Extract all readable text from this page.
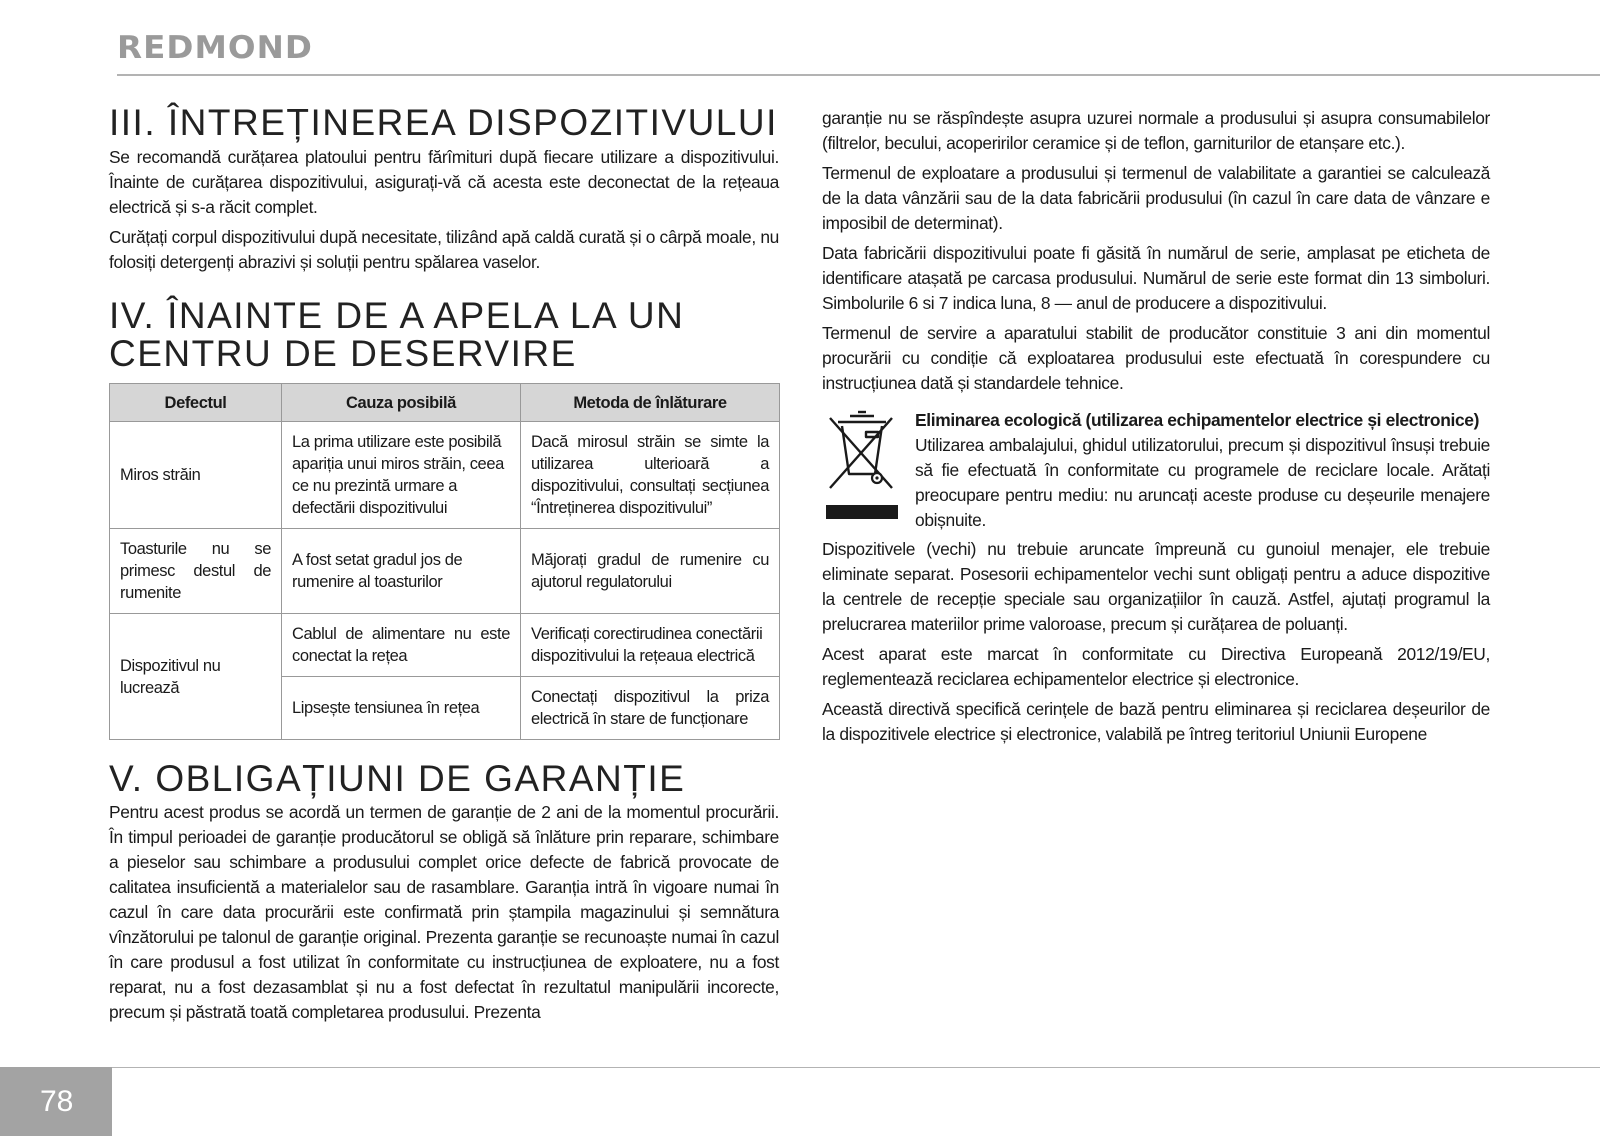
REDMOND
III. ÎNTREȚINEREA DISPOZITIVULUI

Se recomandă curățarea platoului pentru fărîmituri după fiecare utilizare a dispozitivului. Înainte de curățarea dispozitivului, asigurați-vă că acesta este deconectat de la rețeaua electrică și s-a răcit complet.

Curățați corpul dispozitivului după necesitate, tilizând apă caldă curată și o cârpă moale, nu folosiți detergenți abrazivi și soluții pentru spălarea vaselor.

IV. ÎNAINTE DE A APELA LA UN CENTRU DE DESERVIRE
Defectul	Cauza posibilă	Metoda de înlăturare
Miros străin	La prima utilizare este posibilă apariția unui miros străin, ceea ce nu prezintă urmare a defectării dispozitivului	Dacă mirosul străin se simte la utilizarea ulterioară a dispozitivului, consultați secțiunea “Întreținerea dispozitivului”
Toasturile nu se primesc destul de rumenite	A fost setat gradul jos de rumenire al toasturilor	Măjorați gradul de rumenire cu ajutorul regulatorului
Dispozitivul nu lucrează	Cablul de alimentare nu este conectat la rețea	Verificați corectirudinea conectării dispozitivului la rețeaua electrică
	Lipsește tensiunea în rețea	Conectați dispozitivul la priza electrică în stare de funcționare
V. OBLIGAȚIUNI DE GARANȚIE

Pentru acest produs se acordă un termen de garanție de 2 ani de la momentul procurării. În timpul perioadei de garanție producătorul se obligă să înlăture prin reparare, schimbare a pieselor sau schimbare a produsului complet orice defecte de fabrică provocate de calitatea insuficientă a materialelor sau de rasamblare. Garanția intră în vigoare numai în cazul în care data procurării este confirmată prin ștampila magazinului și semnătura vînzătorului pe talonul de garanție original. Prezenta garanție se recunoaște numai în cazul în care produsul a fost utilizat în conformitate cu instrucțiunea de exploatere, nu a fost reparat, nu a fost dezasamblat și nu a fost defectat în rezultatul manipulării incorecte, precum și păstrată toată completarea produsului. Prezenta

garanție nu se răspîndește asupra uzurei normale a produsului și asupra consumabilelor (filtrelor, becului, acoperirilor ceramice și de teflon, garniturilor de etanșare etc.).

Termenul de exploatare a produsului și termenul de valabilitate a garantiei se calculează de la data vânzării sau de la data fabricării produsului (în cazul în care data de vânzare e imposibil de determinat).

Data fabricării dispozitivului poate fi găsită în numărul de serie, amplasat pe eticheta de identificare atașată pe carcasa produsului. Numărul de serie este format din 13 simboluri. Simbolurile 6 si 7 indica luna, 8 — anul de producere a dispozitivului.

Termenul de servire a aparatului stabilit de producător constituie 3 ani din momentul procurării cu condiție că exploatarea produsului este efectuată în corespundere cu instrucțiunea dată și standardele tehnice.

Eliminarea ecologică (utilizarea echipamentelor electrice și electronice)

Utilizarea ambalajului, ghidul utilizatorului, precum și dispozitivul însuși trebuie să fie efectuată în conformitate cu programele de reciclare locale. Arătați preocupare pentru mediu: nu aruncați aceste produse cu deșeurile menajere obișnuite.

Dispozitivele (vechi) nu trebuie aruncate împreună cu gunoiul menajer, ele trebuie eliminate separat. Posesorii echipamentelor vechi sunt obligați pentru a aduce dispozitive la centrele de recepție speciale sau organizațiilor în cauză. Astfel, ajutați programul la prelucrarea materiilor prime valoroase, precum și curățarea de poluanți.

Acest aparat este marcat în conformitate cu Directiva Europeană 2012/19/EU, reglementează reciclarea echipamentelor electrice și electronice.

Această directivă specifică cerințele de bază pentru eliminarea și reciclarea deșeurilor de la dispozitivele electrice și electronice, valabilă pe întreg teritoriul Uniunii Europene

78
